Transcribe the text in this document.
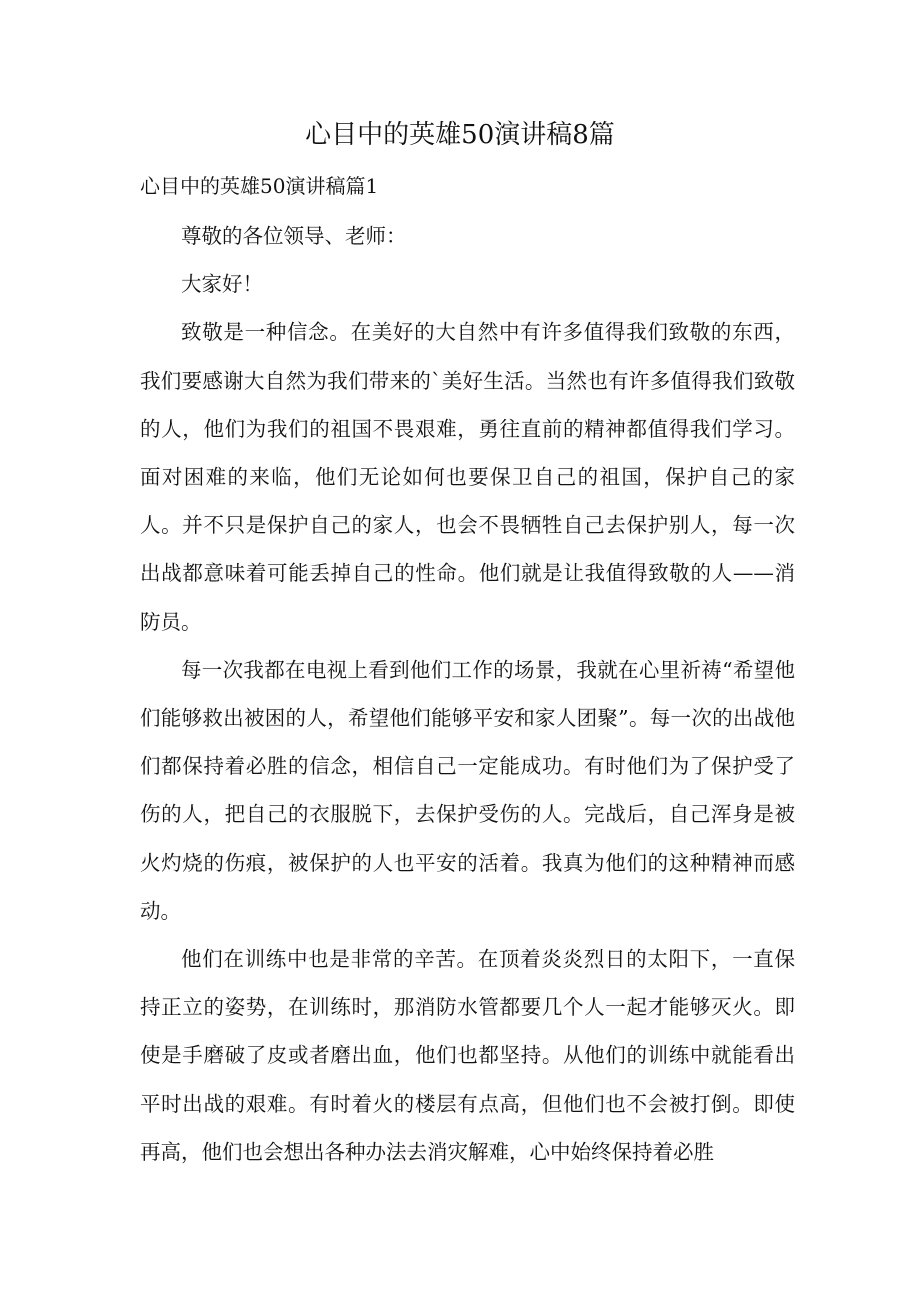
心目中的英雄50演讲稿8篇
心目中的英雄50演讲稿篇1

尊敬的各位领导、老师：

大家好！

致敬是一种信念。在美好的大自然中有许多值得我们致敬的东西，我们要感谢大自然为我们带来的`美好生活。当然也有许多值得我们致敬的人，他们为我们的祖国不畏艰难，勇往直前的精神都值得我们学习。面对困难的来临，他们无论如何也要保卫自己的祖国，保护自己的家人。并不只是保护自己的家人，也会不畏牺牲自己去保护别人，每一次出战都意味着可能丢掉自己的性命。他们就是让我值得致敬的人——消防员。

每一次我都在电视上看到他们工作的场景，我就在心里祈祷“希望他们能够救出被困的人，希望他们能够平安和家人团聚”。每一次的出战他们都保持着必胜的信念，相信自己一定能成功。有时他们为了保护受了伤的人，把自己的衣服脱下，去保护受伤的人。完战后，自己浑身是被火灼烧的伤痕，被保护的人也平安的活着。我真为他们的这种精神而感动。

他们在训练中也是非常的辛苦。在顶着炎炎烈日的太阳下，一直保持正立的姿势，在训练时，那消防水管都要几个人一起才能够灭火。即使是手磨破了皮或者磨出血，他们也都坚持。从他们的训练中就能看出平时出战的艰难。有时着火的楼层有点高，但他们也不会被打倒。即使再高，他们也会想出各种办法去消灾解难，心中始终保持着必胜
